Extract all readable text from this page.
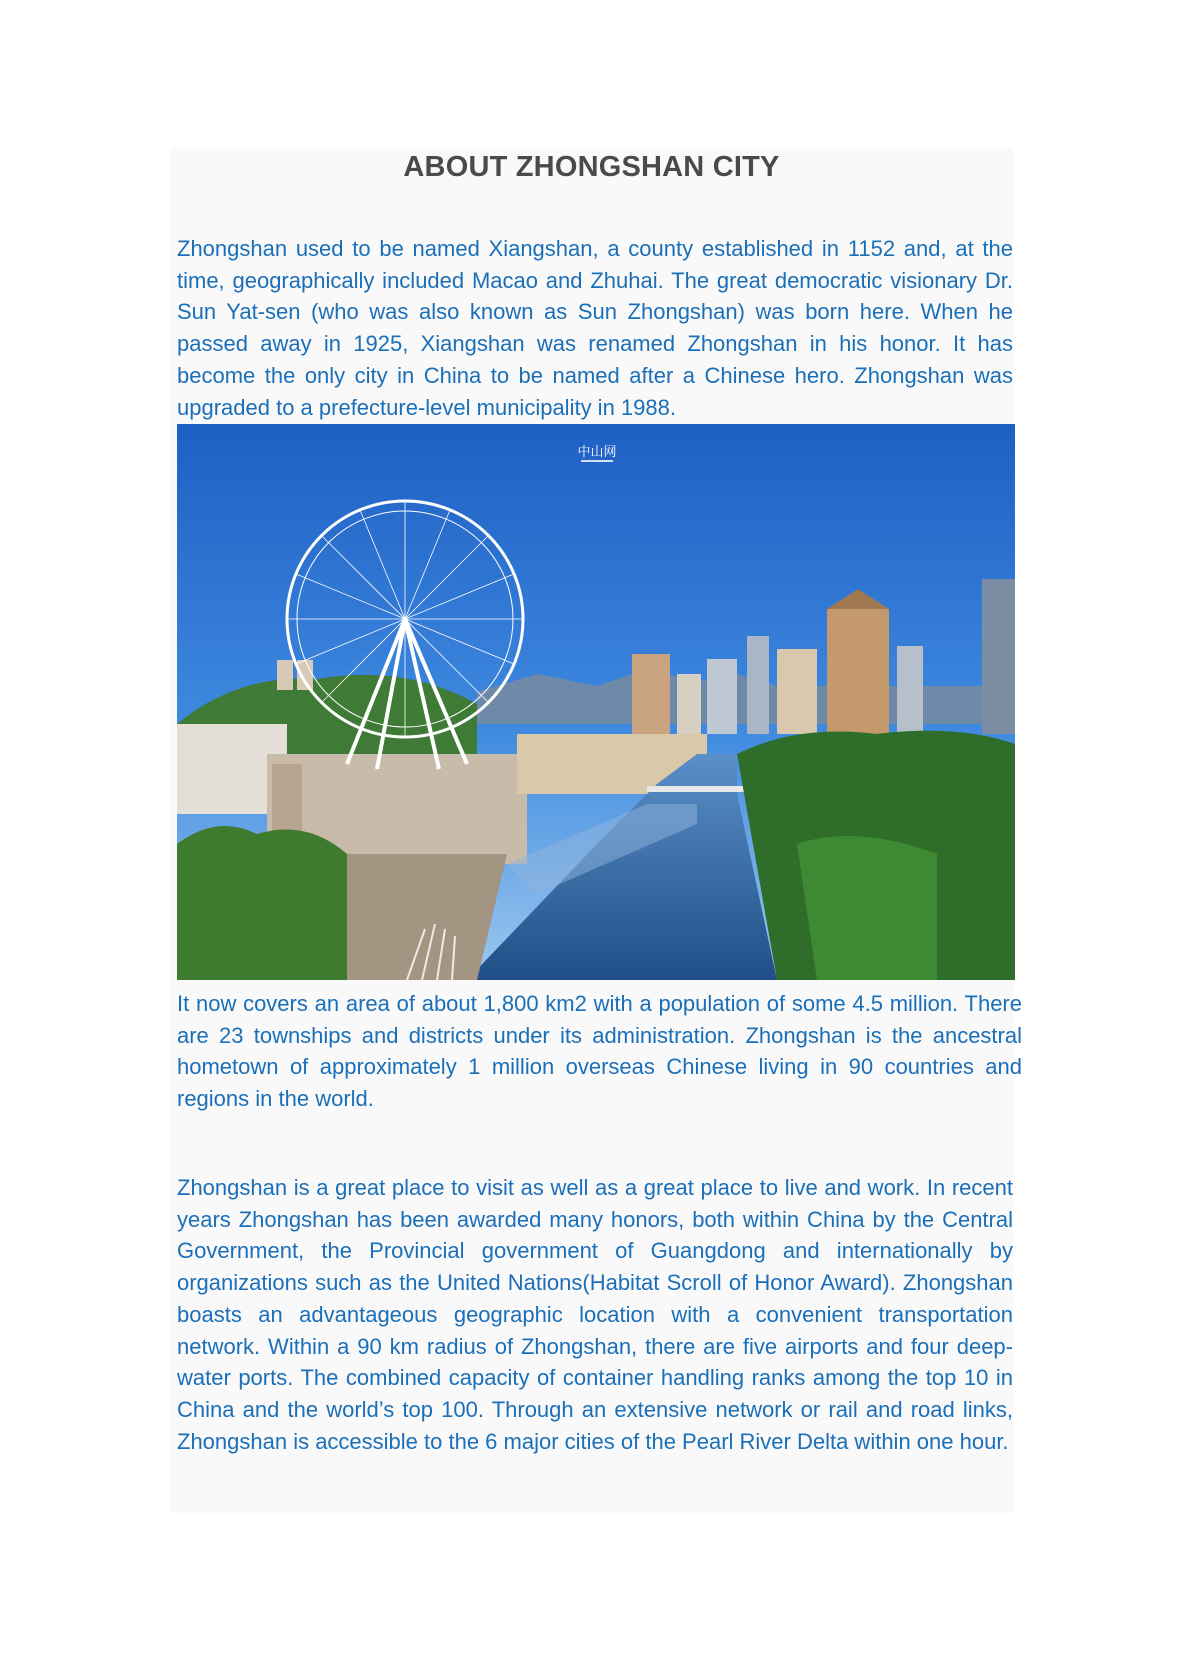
ABOUT ZHONGSHAN CITY

Zhongshan used to be named Xiangshan, a county established in 1152 and, at the time, geographically included Macao and Zhuhai. The great democratic visionary Dr. Sun Yat-sen (who was also known as Sun Zhongshan) was born here. When he passed away in 1925, Xiangshan was renamed Zhongshan in his honor. It has become the only city in China to be named after a Chinese hero. Zhongshan was upgraded to a prefecture-level municipality in 1988.

中山网

It now covers an area of about 1,800 km2 with a population of some 4.5 million. There are 23 townships and districts under its administration. Zhongshan is the ancestral hometown of approximately 1 million overseas Chinese living in 90 countries and regions in the world.

Zhongshan is a great place to visit as well as a great place to live and work. In recent years Zhongshan has been awarded many honors, both within China by the Central Government, the Provincial government of Guangdong and internationally by organizations such as the United Nations(Habitat Scroll of Honor Award). Zhongshan boasts an advantageous geographic location with a convenient transportation network. Within a 90 km radius of Zhongshan, there are five airports and four deep-water ports. The combined capacity of container handling ranks among the top 10 in China and the world’s top 100. Through an extensive network or rail and road links, Zhongshan is accessible to the 6 major cities of the Pearl River Delta within one hour.
